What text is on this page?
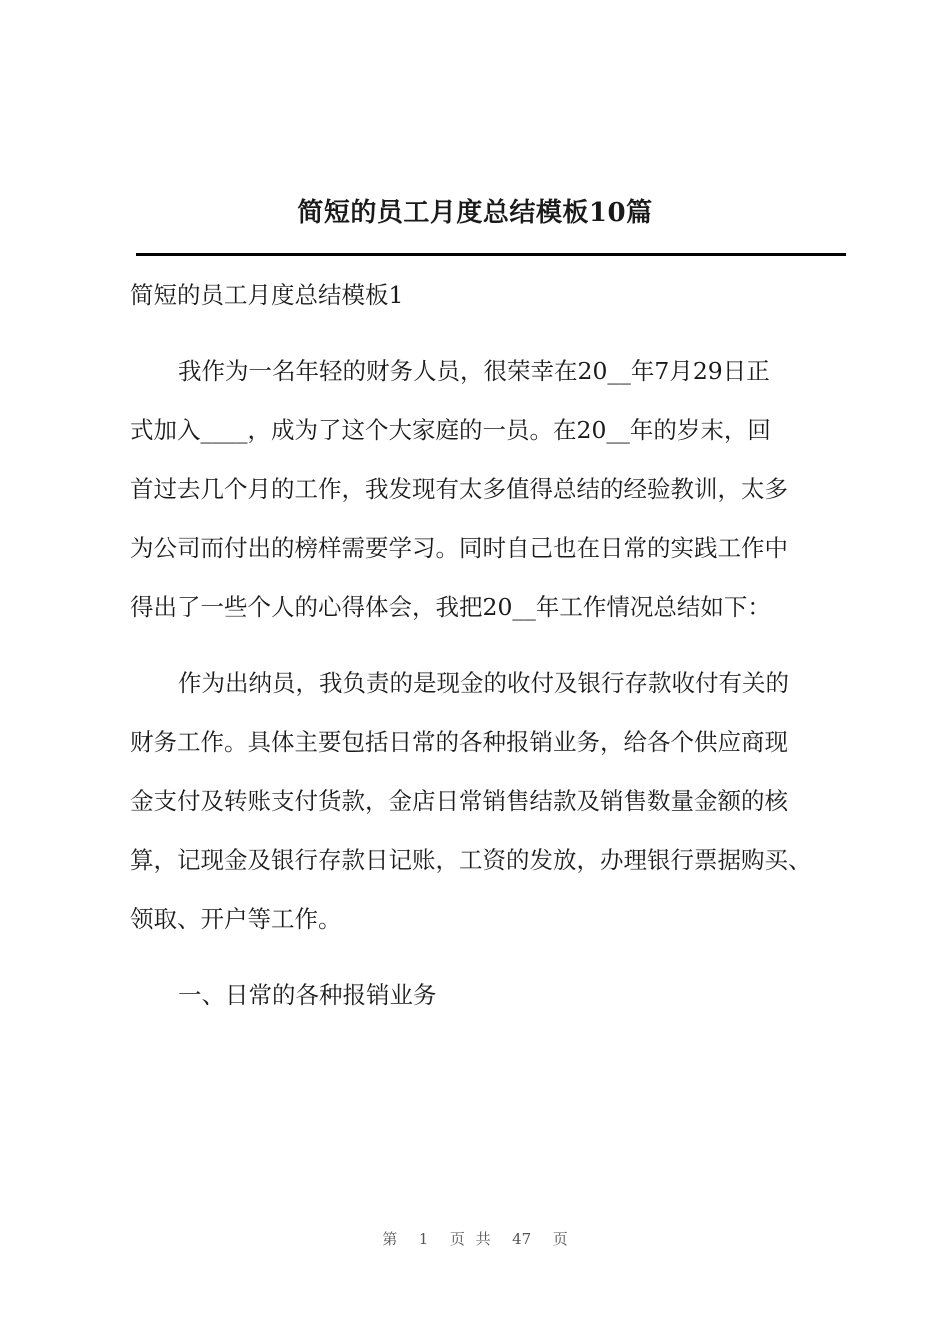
简短的员工月度总结模板10篇
简短的员工月度总结模板1
我作为一名年轻的财务人员，很荣幸在20__年7月29日正
式加入____，成为了这个大家庭的一员。在20__年的岁末，回
首过去几个月的工作，我发现有太多值得总结的经验教训，太多
为公司而付出的榜样需要学习。同时自己也在日常的实践工作中
得出了一些个人的心得体会，我把20__年工作情况总结如下：
作为出纳员，我负责的是现金的收付及银行存款收付有关的
财务工作。具体主要包括日常的各种报销业务，给各个供应商现
金支付及转账支付货款，金店日常销售结款及销售数量金额的核
算，记现金及银行存款日记账，工资的发放，办理银行票据购买、
领取、开户等工作。
一、日常的各种报销业务
第  1  页 共  47  页
